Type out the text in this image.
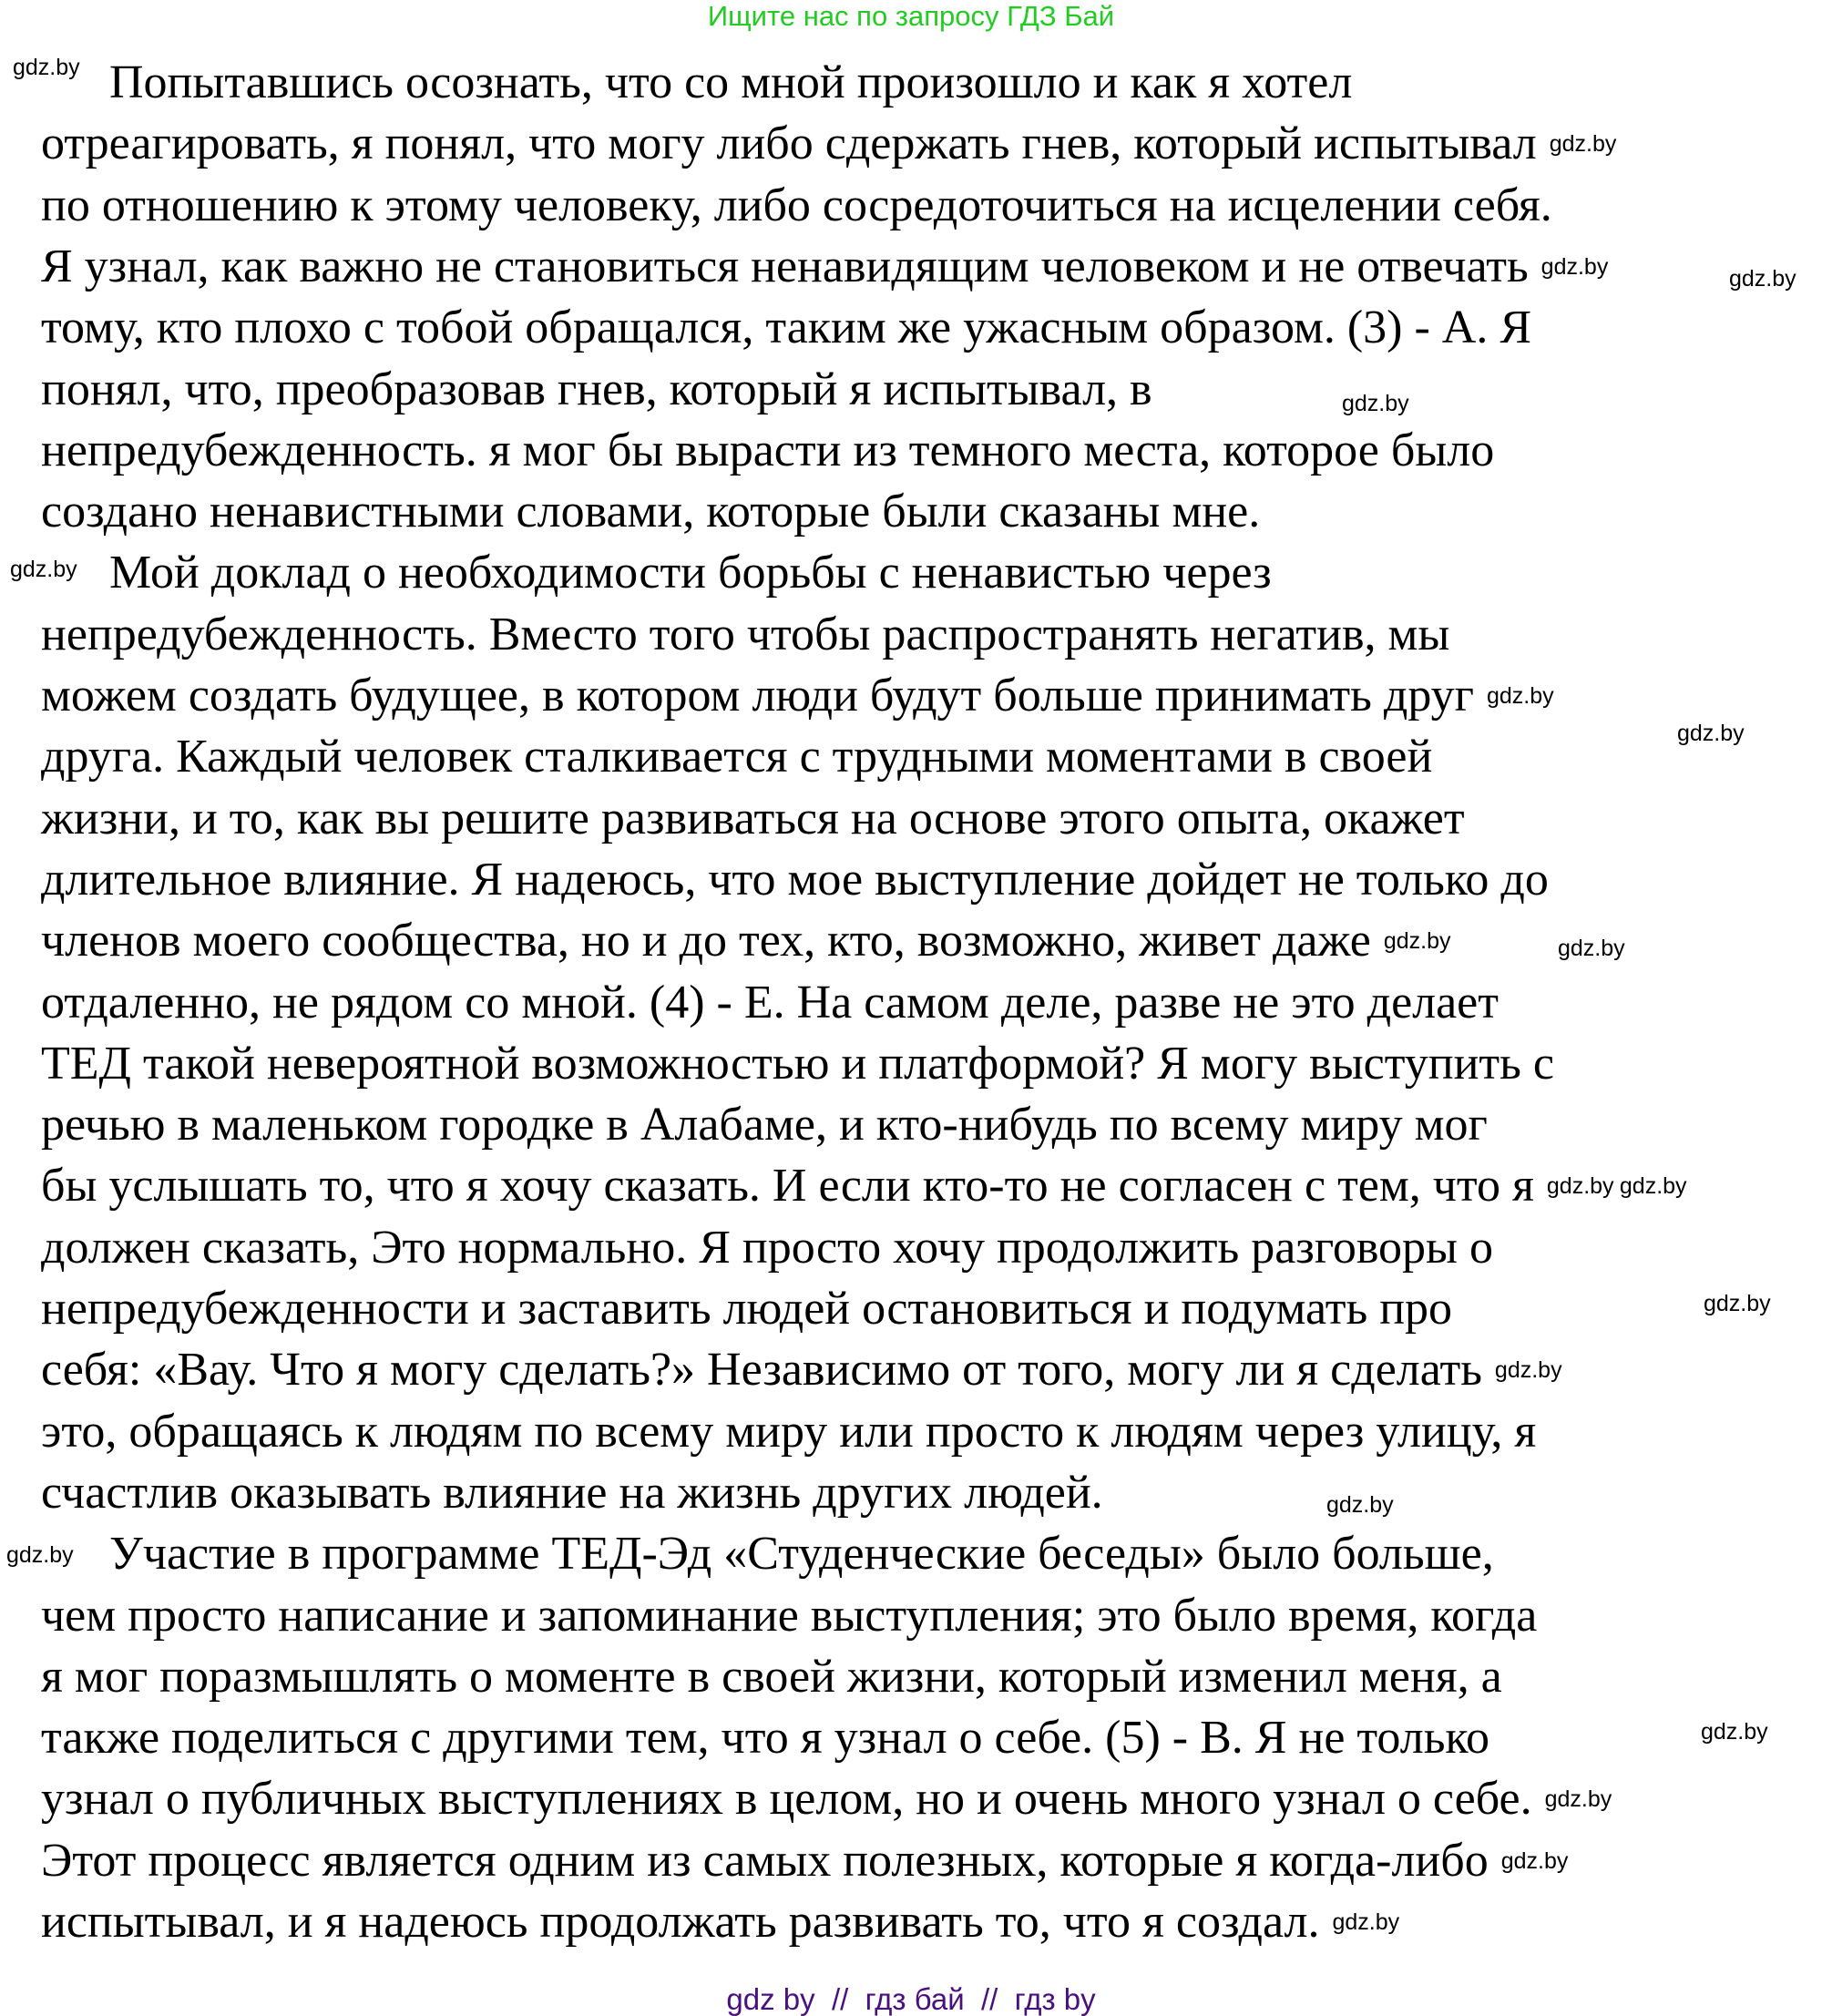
Ищите нас по запросу ГДЗ Бай
Попытавшись осознать, что со мной произошло и как я хотел
отреагировать, я понял, что могу либо сдержать гнев, который испытывал
по отношению к этому человеку, либо сосредоточиться на исцелении себя.
Я узнал, как важно не становиться ненавидящим человеком и не отвечать
тому, кто плохо с тобой обращался, таким же ужасным образом. (3) - А. Я
понял, что, преобразовав гнев, который я испытывал, в
непредубежденность. я мог бы вырасти из темного места, которое было
создано ненавистными словами, которые были сказаны мне.
Мой доклад о необходимости борьбы с ненавистью через
непредубежденность. Вместо того чтобы распространять негатив, мы
можем создать будущее, в котором люди будут больше принимать друг
друга. Каждый человек сталкивается с трудными моментами в своей
жизни, и то, как вы решите развиваться на основе этого опыта, окажет
длительное влияние. Я надеюсь, что мое выступление дойдет не только до
членов моего сообщества, но и до тех, кто, возможно, живет даже
отдаленно, не рядом со мной. (4) - Е. На самом деле, разве не это делает
ТЕД такой невероятной возможностью и платформой? Я могу выступить с
речью в маленьком городке в Алабаме, и кто-нибудь по всему миру мог
бы услышать то, что я хочу сказать. И если кто-то не согласен с тем, что я
должен сказать, Это нормально. Я просто хочу продолжить разговоры о
непредубежденности и заставить людей остановиться и подумать про
себя: «Вау. Что я могу сделать?» Независимо от того, могу ли я сделать
это, обращаясь к людям по всему миру или просто к людям через улицу, я
счастлив оказывать влияние на жизнь других людей.
Участие в программе ТЕД-Эд «Студенческие беседы» было больше,
чем просто написание и запоминание выступления; это было время, когда
я мог поразмышлять о моменте в своей жизни, который изменил меня, а
также поделиться с другими тем, что я узнал о себе. (5) - В. Я не только
узнал о публичных выступлениях в целом, но и очень много узнал о себе.
Этот процесс является одним из самых полезных, которые я когда-либо
испытывал, и я надеюсь продолжать развивать то, что я создал.
gdz.by
gdz.by
gdz.by	gdz.by
gdz.by
gdz.by
gdz.by
gdz.by
gdz.by	gdz.by
gdz.by gdz.by
gdz.by
gdz.by
gdz.by
gdz.by
gdz.by
gdz.by
gdz.by
gdz.by
gdz by  //  гдз бай  //  гдз by
